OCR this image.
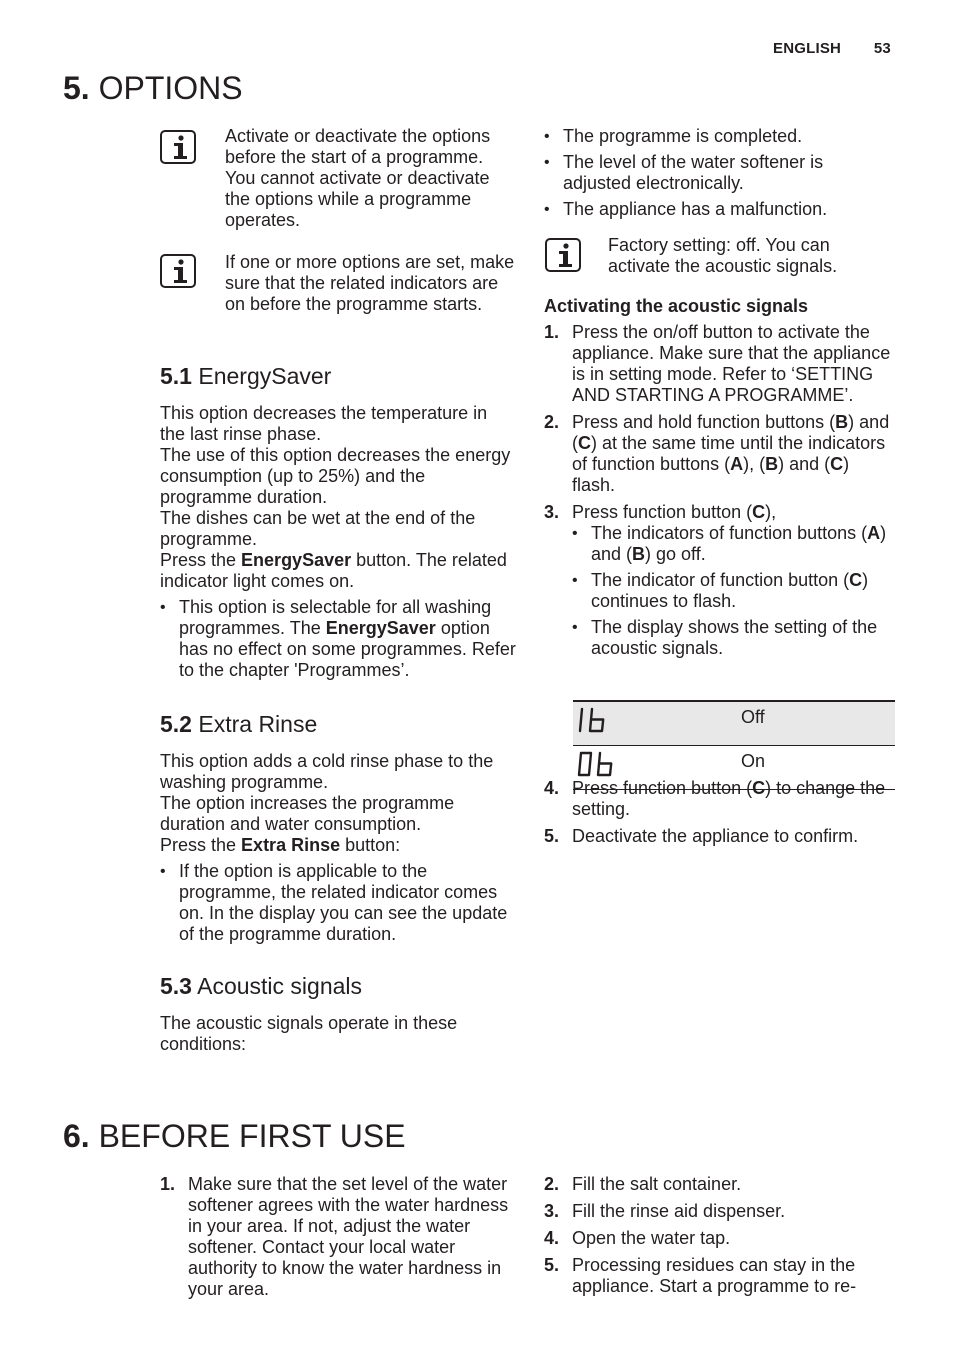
ENGLISH 53
5. OPTIONS

Activate or deactivate the options before the start of a programme. You cannot activate or deactivate the options while a programme operates.

If one or more options are set, make sure that the related indicators are on before the programme starts.

5.1 EnergySaver

This option decreases the temperature in the last rinse phase.

The use of this option decreases the energy consumption (up to 25%) and the programme duration.

The dishes can be wet at the end of the programme.

Press the EnergySaver button. The related indicator light comes on.

• This option is selectable for all washing programmes. The EnergySaver option has no effect on some programmes. Refer to the chapter 'Programmes’.
5.2 Extra Rinse

This option adds a cold rinse phase to the washing programme.

The option increases the programme duration and water consumption.

Press the Extra Rinse button:

• If the option is applicable to the programme, the related indicator comes on. In the display you can see the update of the programme duration.
5.3 Acoustic signals

The acoustic signals operate in these conditions:

• The programme is completed.
• The level of the water softener is adjusted electronically.
• The appliance has a malfunction.

Factory setting: off. You can activate the acoustic signals.

Activating the acoustic signals

1. Press the on/off button to activate the appliance. Make sure that the appliance is in setting mode. Refer to ‘SETTING AND STARTING A PROGRAMME’.
2. Press and hold function buttons (B) and (C) at the same time until the indicators of function buttons (A), (B) and (C) flash.
3. Press function button (C),
• The indicators of function buttons (A) and (B) go off.
• The indicator of function button (C) continues to flash.
• The display shows the setting of the acoustic signals.
	Off
	On
4. Press function button (C) to change the setting.
5. Deactivate the appliance to confirm.
6. BEFORE FIRST USE
1. Make sure that the set level of the water softener agrees with the water hardness in your area. If not, adjust the water softener. Contact your local water authority to know the water hardness in your area.
2. Fill the salt container.
3. Fill the rinse aid dispenser.
4. Open the water tap.
5. Processing residues can stay in the appliance. Start a programme to re-
